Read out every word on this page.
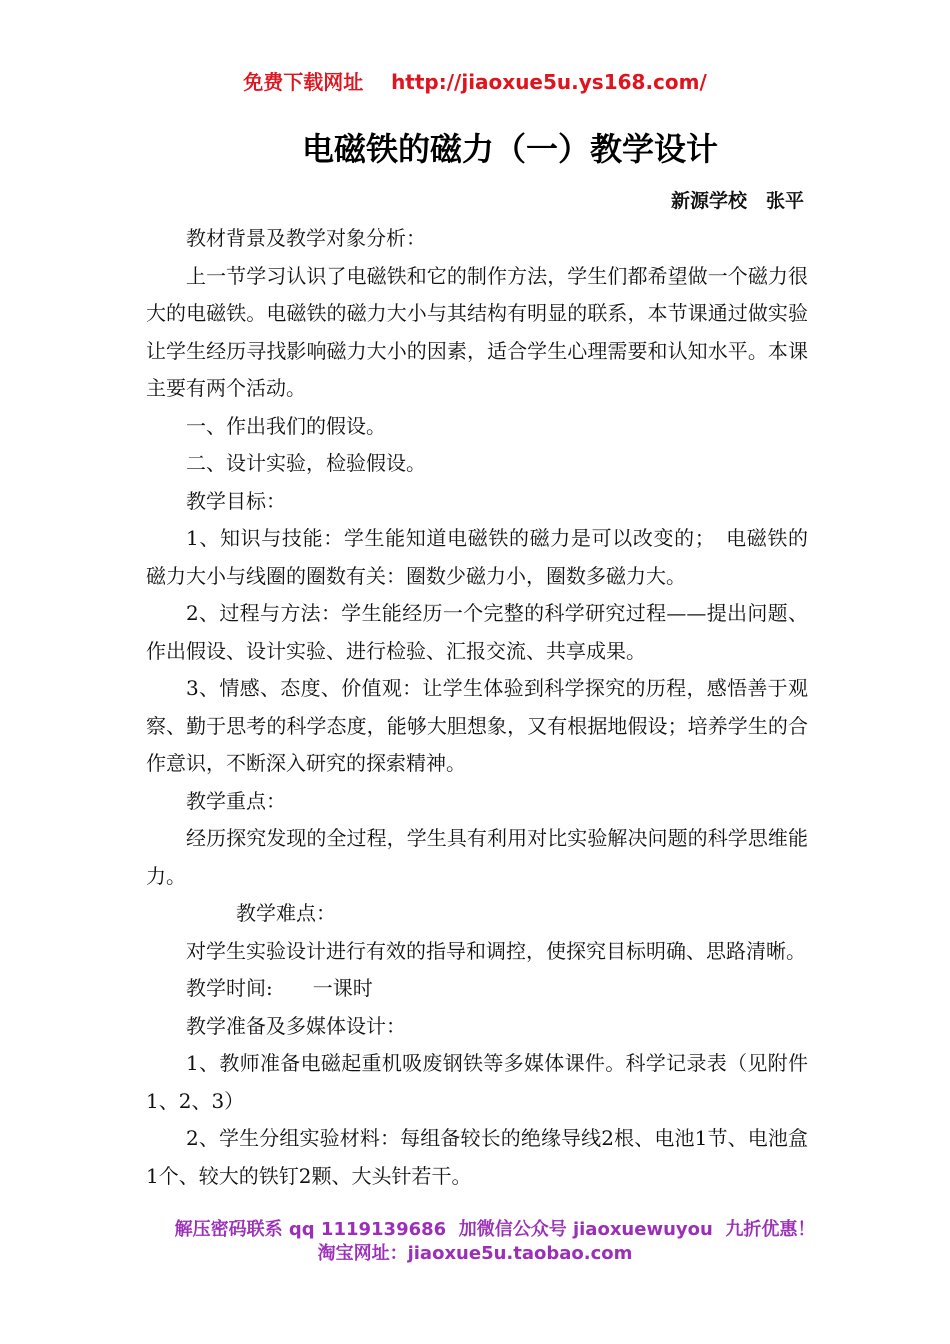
免费下载网址 http://jiaoxue5u.ys168.com/
电磁铁的磁力（一）教学设计
新源学校　张平

教材背景及教学对象分析：

上一节学习认识了电磁铁和它的制作方法，学生们都希望做一个磁力很大的电磁铁。电磁铁的磁力大小与其结构有明显的联系，本节课通过做实验让学生经历寻找影响磁力大小的因素，适合学生心理需要和认知水平。本课主要有两个活动。

一、作出我们的假设。

二、设计实验，检验假设。

教学目标：

1、知识与技能：学生能知道电磁铁的磁力是可以改变的；　电磁铁的磁力大小与线圈的圈数有关：圈数少磁力小，圈数多磁力大。

2、过程与方法：学生能经历一个完整的科学研究过程——提出问题、作出假设、设计实验、进行检验、汇报交流、共享成果。

3、情感、态度、价值观：让学生体验到科学探究的历程，感悟善于观察、勤于思考的科学态度，能够大胆想象，又有根据地假设；培养学生的合作意识，不断深入研究的探索精神。

教学重点：

经历探究发现的全过程，学生具有利用对比实验解决问题的科学思维能力。

教学难点：

对学生实验设计进行有效的指导和调控，使探究目标明确、思路清晰。

教学时间:　　一课时

教学准备及多媒体设计：

1、教师准备电磁起重机吸废钢铁等多媒体课件。科学记录表（见附件1、2、3）

2、学生分组实验材料：每组备较长的绝缘导线2根、电池1节、电池盒1个、较大的铁钉2颗、大头针若干。

解压密码联系 qq 1119139686  加微信公众号 jiaoxuewuyou  九折优惠！
淘宝网址：jiaoxue5u.taobao.com
